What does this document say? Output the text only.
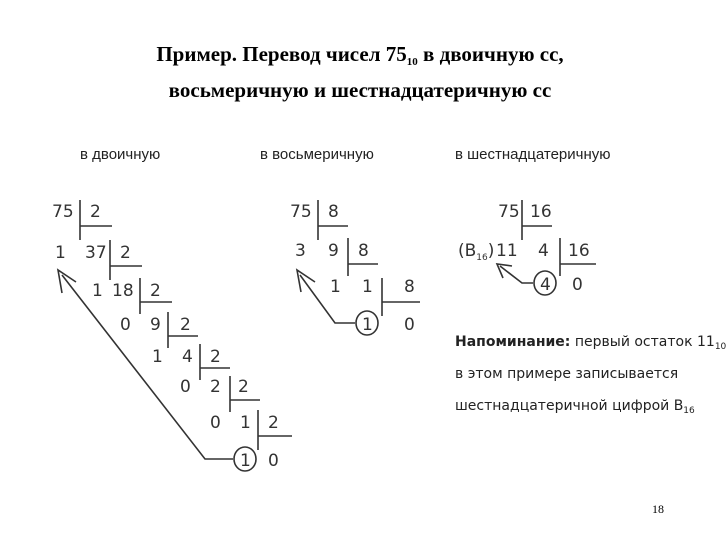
Пример. Перевод чисел $75_{10}$ в двоичную сс,
восьмеричную и шестнадцатеричную сс
в двоичную	в восьмеричную	в шестнадцатеричную
75 2
1 37 2
1 18 2
0 9 2
1 4 2
0 2 2
0 1 2
1 0
75 8
3 9 8
1 1 8
1 0
75 16
11 4 16
4 0
$(B_{16})$
Напоминание: первый остаток $11_{10}$
в этом примере записывается
шестнадцатеричной цифрой $B_{16}$
18
